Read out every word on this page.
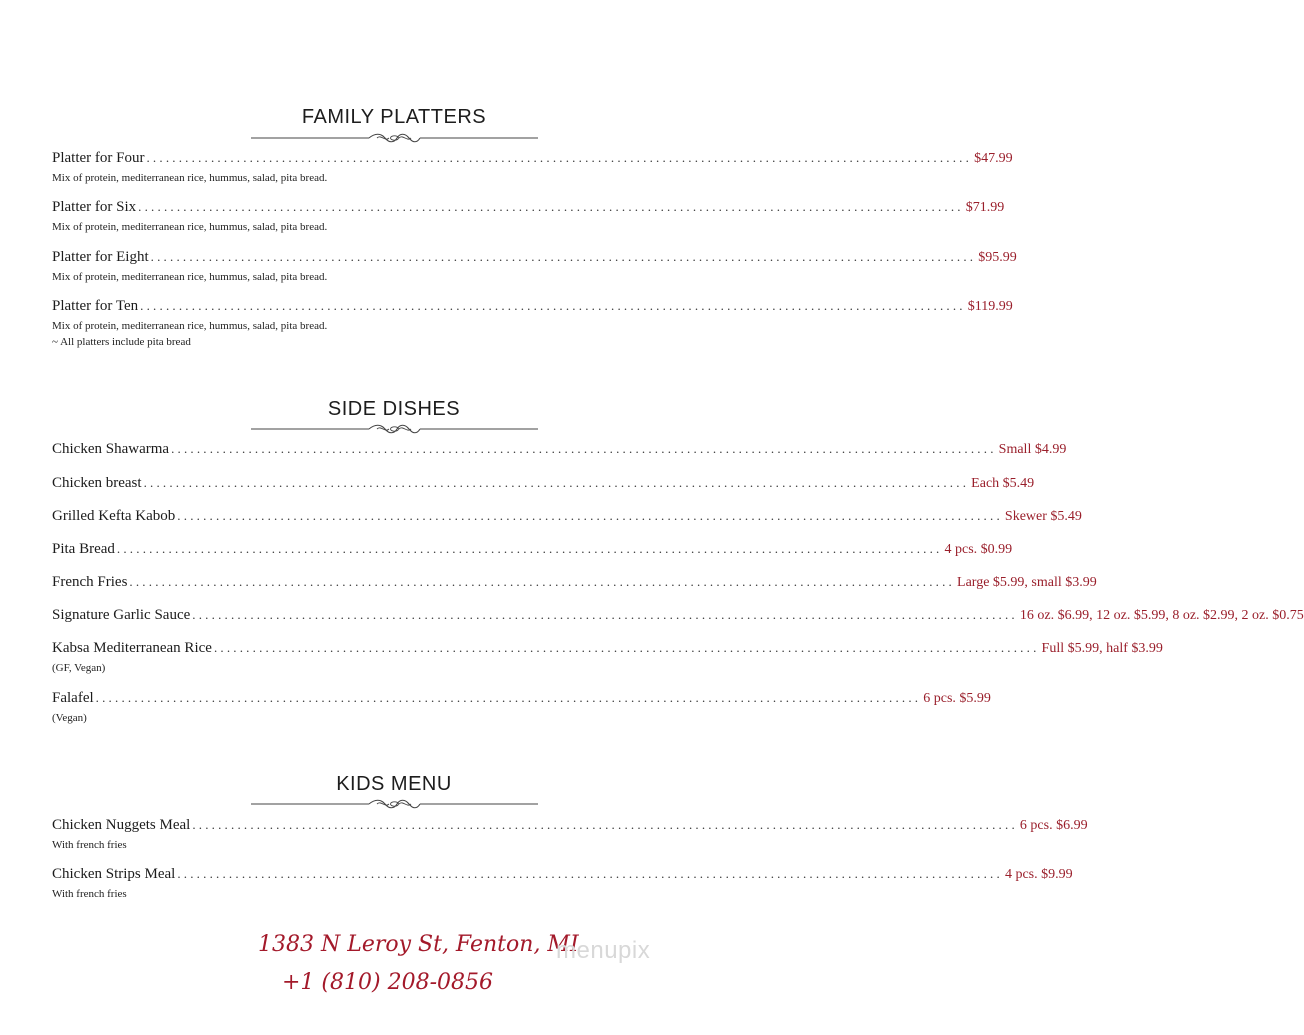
FAMILY PLATTERS
Platter for Four ................................................................................................................................ $47.99
Mix of protein, mediterranean rice, hummus, salad, pita bread.
Platter for Six ................................................................................................................................ $71.99
Mix of protein, mediterranean rice, hummus, salad, pita bread.
Platter for Eight ................................................................................................................................ $95.99
Mix of protein, mediterranean rice, hummus, salad, pita bread.
Platter for Ten ................................................................................................................................ $119.99
Mix of protein, mediterranean rice, hummus, salad, pita bread.
~ All platters include pita bread
SIDE DISHES
Chicken Shawarma ................................................................................................................................ Small $4.99
Chicken breast ................................................................................................................................ Each $5.49
Grilled Kefta Kabob ................................................................................................................................ Skewer $5.49
Pita Bread ................................................................................................................................ 4 pcs. $0.99
French Fries ................................................................................................................................ Large $5.99, small $3.99
Signature Garlic Sauce ................................................................................................................................ 16 oz. $6.99, 12 oz. $5.99, 8 oz. $2.99, 2 oz. $0.75
Kabsa Mediterranean Rice ................................................................................................................................ Full $5.99, half $3.99
(GF, Vegan)
Falafel ................................................................................................................................ 6 pcs. $5.99
(Vegan)
KIDS MENU
Chicken Nuggets Meal ................................................................................................................................ 6 pcs. $6.99
With french fries
Chicken Strips Meal ................................................................................................................................ 4 pcs. $9.99
With french fries
1383 N Leroy St, Fenton, MI
+1 (810) 208-0856
menupix
